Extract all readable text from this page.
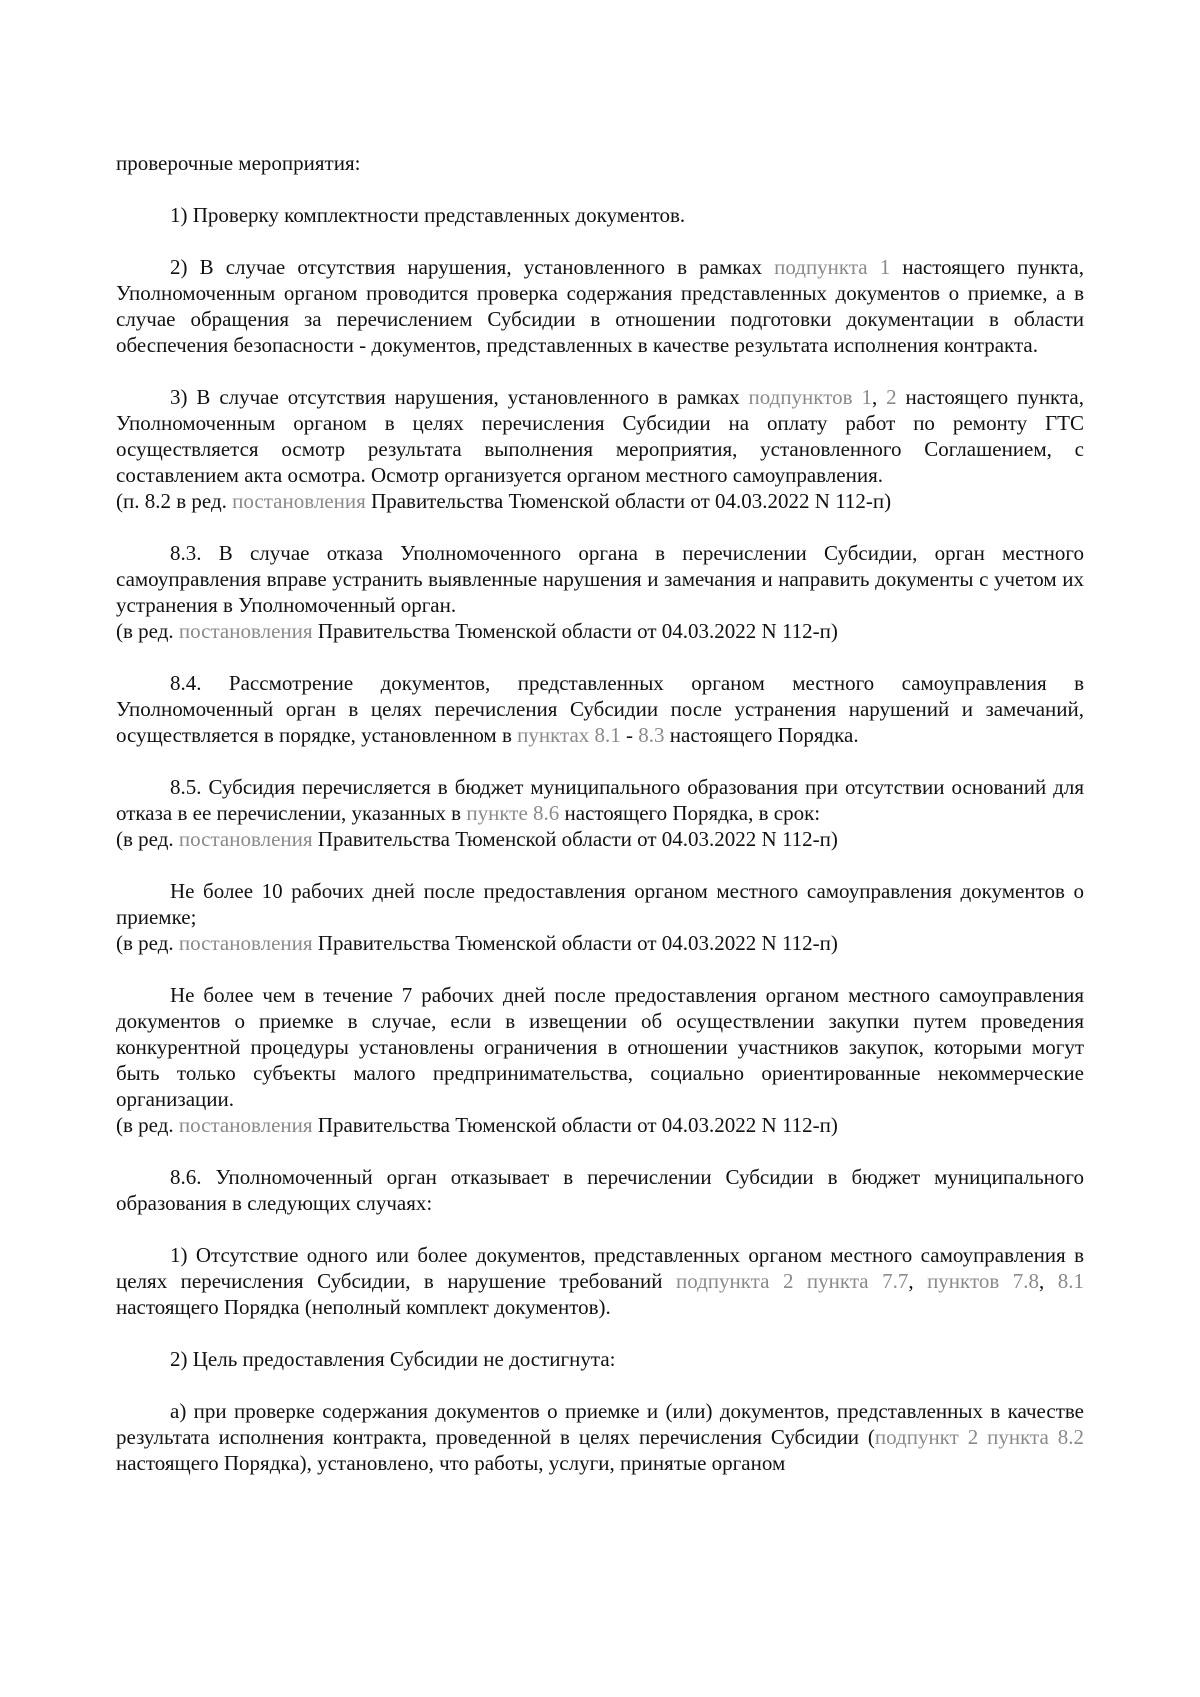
проверочные мероприятия:

1) Проверку комплектности представленных документов.

2) В случае отсутствия нарушения, установленного в рамках подпункта 1 настоящего пункта, Уполномоченным органом проводится проверка содержания представленных документов о приемке, а в случае обращения за перечислением Субсидии в отношении подготовки документации в области обеспечения безопасности - документов, представленных в качестве результата исполнения контракта.

3) В случае отсутствия нарушения, установленного в рамках подпунктов 1, 2 настоящего пункта, Уполномоченным органом в целях перечисления Субсидии на оплату работ по ремонту ГТС осуществляется осмотр результата выполнения мероприятия, установленного Соглашением, с составлением акта осмотра. Осмотр организуется органом местного самоуправления.

(п. 8.2 в ред. постановления Правительства Тюменской области от 04.03.2022 N 112-п)

8.3. В случае отказа Уполномоченного органа в перечислении Субсидии, орган местного самоуправления вправе устранить выявленные нарушения и замечания и направить документы с учетом их устранения в Уполномоченный орган.

(в ред. постановления Правительства Тюменской области от 04.03.2022 N 112-п)

8.4. Рассмотрение документов, представленных органом местного самоуправления в Уполномоченный орган в целях перечисления Субсидии после устранения нарушений и замечаний, осуществляется в порядке, установленном в пунктах 8.1 - 8.3 настоящего Порядка.

8.5. Субсидия перечисляется в бюджет муниципального образования при отсутствии оснований для отказа в ее перечислении, указанных в пункте 8.6 настоящего Порядка, в срок:

(в ред. постановления Правительства Тюменской области от 04.03.2022 N 112-п)

Не более 10 рабочих дней после предоставления органом местного самоуправления документов о приемке;

(в ред. постановления Правительства Тюменской области от 04.03.2022 N 112-п)

Не более чем в течение 7 рабочих дней после предоставления органом местного самоуправления документов о приемке в случае, если в извещении об осуществлении закупки путем проведения конкурентной процедуры установлены ограничения в отношении участников закупок, которыми могут быть только субъекты малого предпринимательства, социально ориентированные некоммерческие организации.

(в ред. постановления Правительства Тюменской области от 04.03.2022 N 112-п)

8.6. Уполномоченный орган отказывает в перечислении Субсидии в бюджет муниципального образования в следующих случаях:

1) Отсутствие одного или более документов, представленных органом местного самоуправления в целях перечисления Субсидии, в нарушение требований подпункта 2 пункта 7.7, пунктов 7.8, 8.1 настоящего Порядка (неполный комплект документов).

2) Цель предоставления Субсидии не достигнута:

а) при проверке содержания документов о приемке и (или) документов, представленных в качестве результата исполнения контракта, проведенной в целях перечисления Субсидии (подпункт 2 пункта 8.2 настоящего Порядка), установлено, что работы, услуги, принятые органом
